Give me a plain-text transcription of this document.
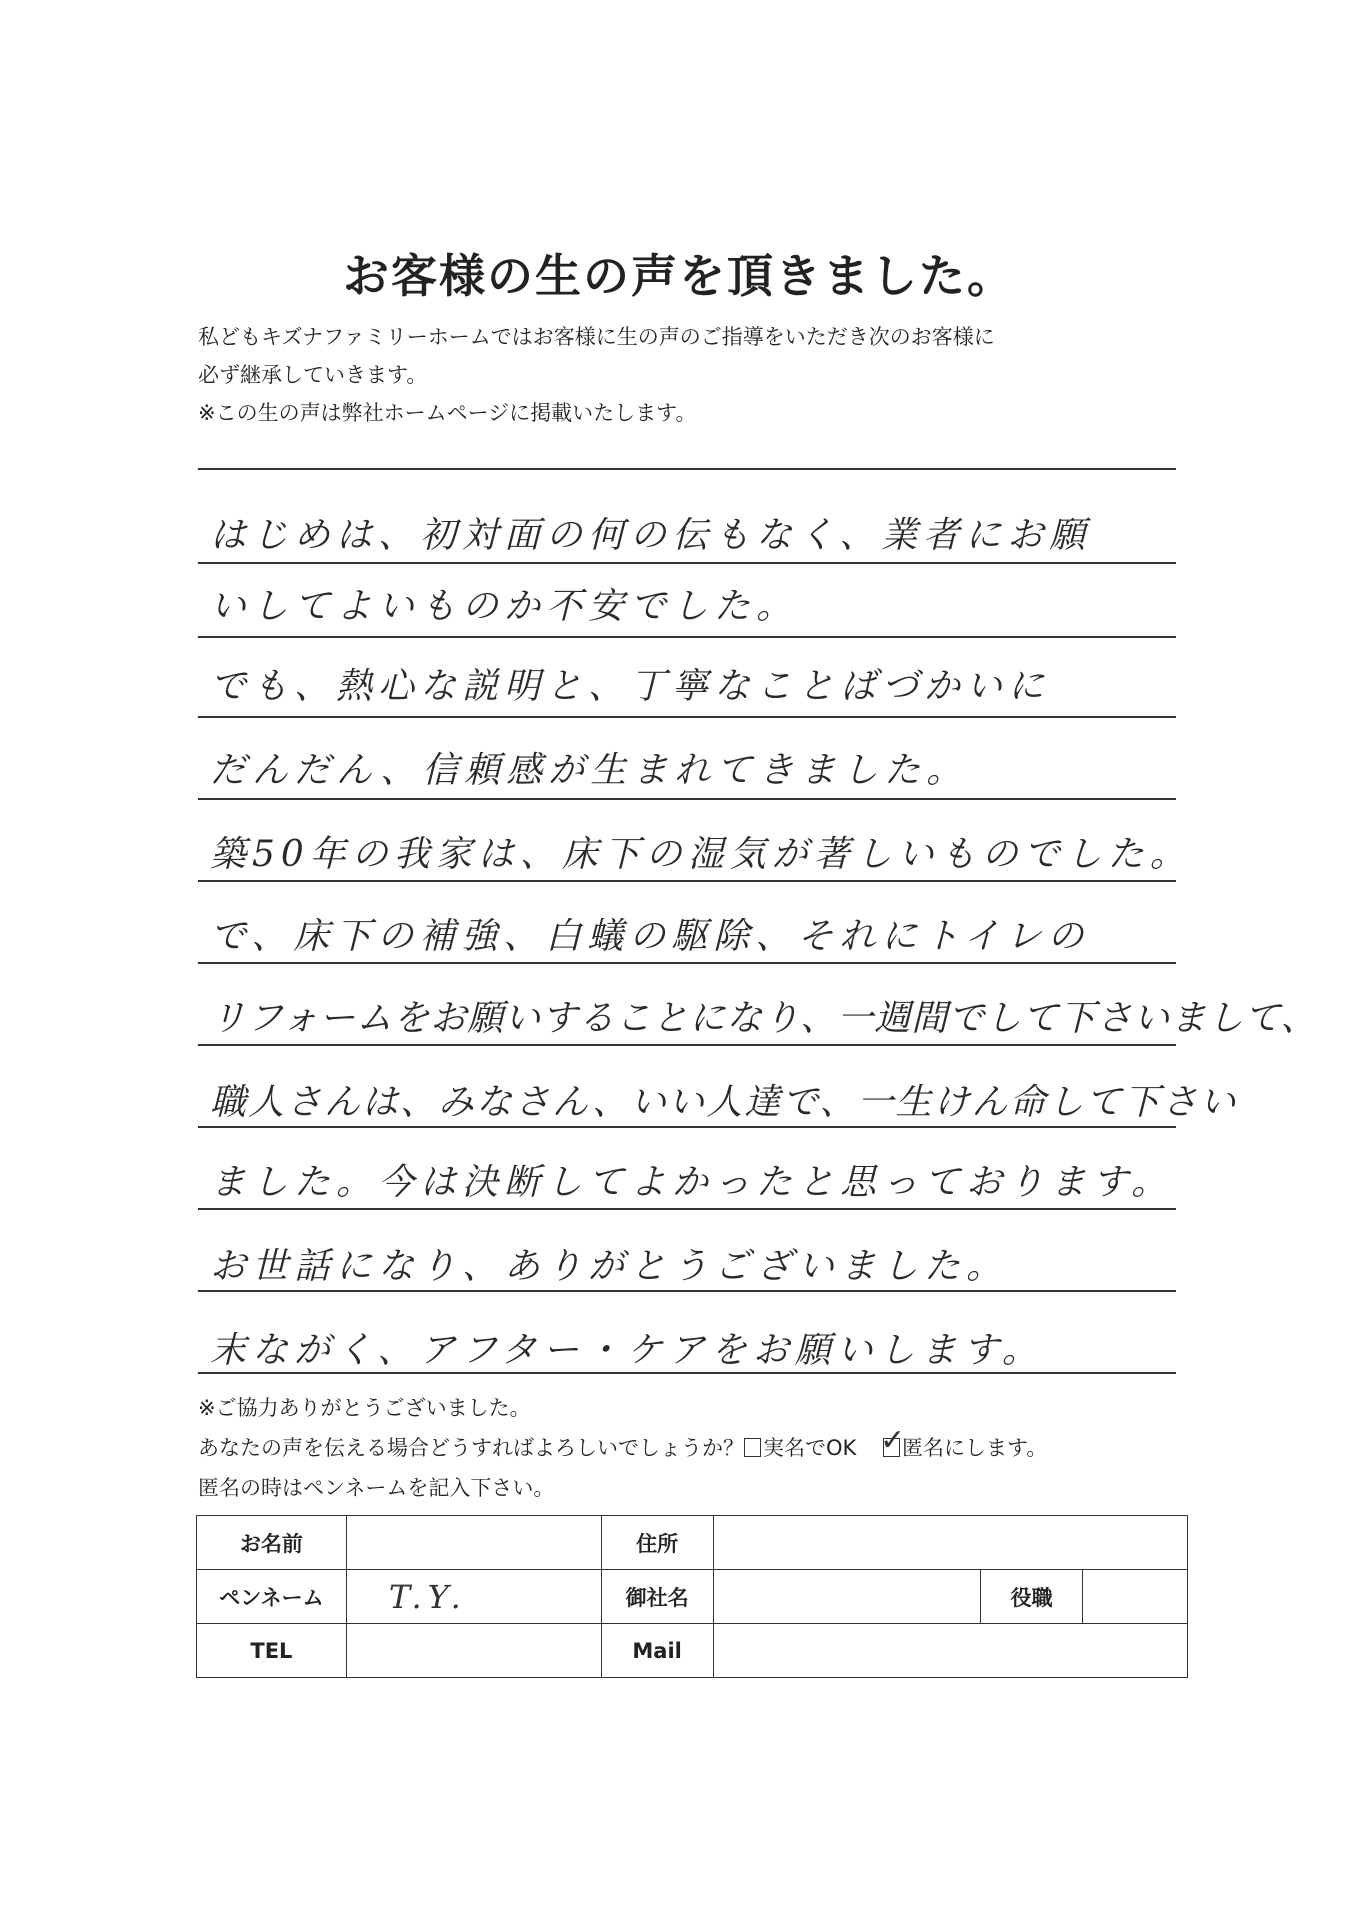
お客様の生の声を頂きました。
私どもキズナファミリーホームではお客様に生の声のご指導をいただき次のお客様に
必ず継承していきます。
※この生の声は弊社ホームページに掲載いたします。
はじめは、初対面の何の伝もなく、業者にお願
いしてよいものか不安でした。
でも、熱心な説明と、丁寧なことばづかいに
だんだん、信頼感が生まれてきました。
築50年の我家は、床下の湿気が著しいものでした。
で、床下の補強、白蟻の駆除、それにトイレの
リフォームをお願いすることになり、一週間でして下さいまして、
職人さんは、みなさん、いい人達で、一生けん命して下さい
ました。今は決断してよかったと思っております。
お世話になり、ありがとうございました。
末ながく、アフター・ケアをお願いします。
※ご協力ありがとうございました。
あなたの声を伝える場合どうすればよろしいでしょうか？ 実名でOK ✓
匿名にします。
匿名の時はペンネームを記入下さい。
お名前		住所			
ペンネーム	T.Y.	御社名		役職	
TEL		Mail			
